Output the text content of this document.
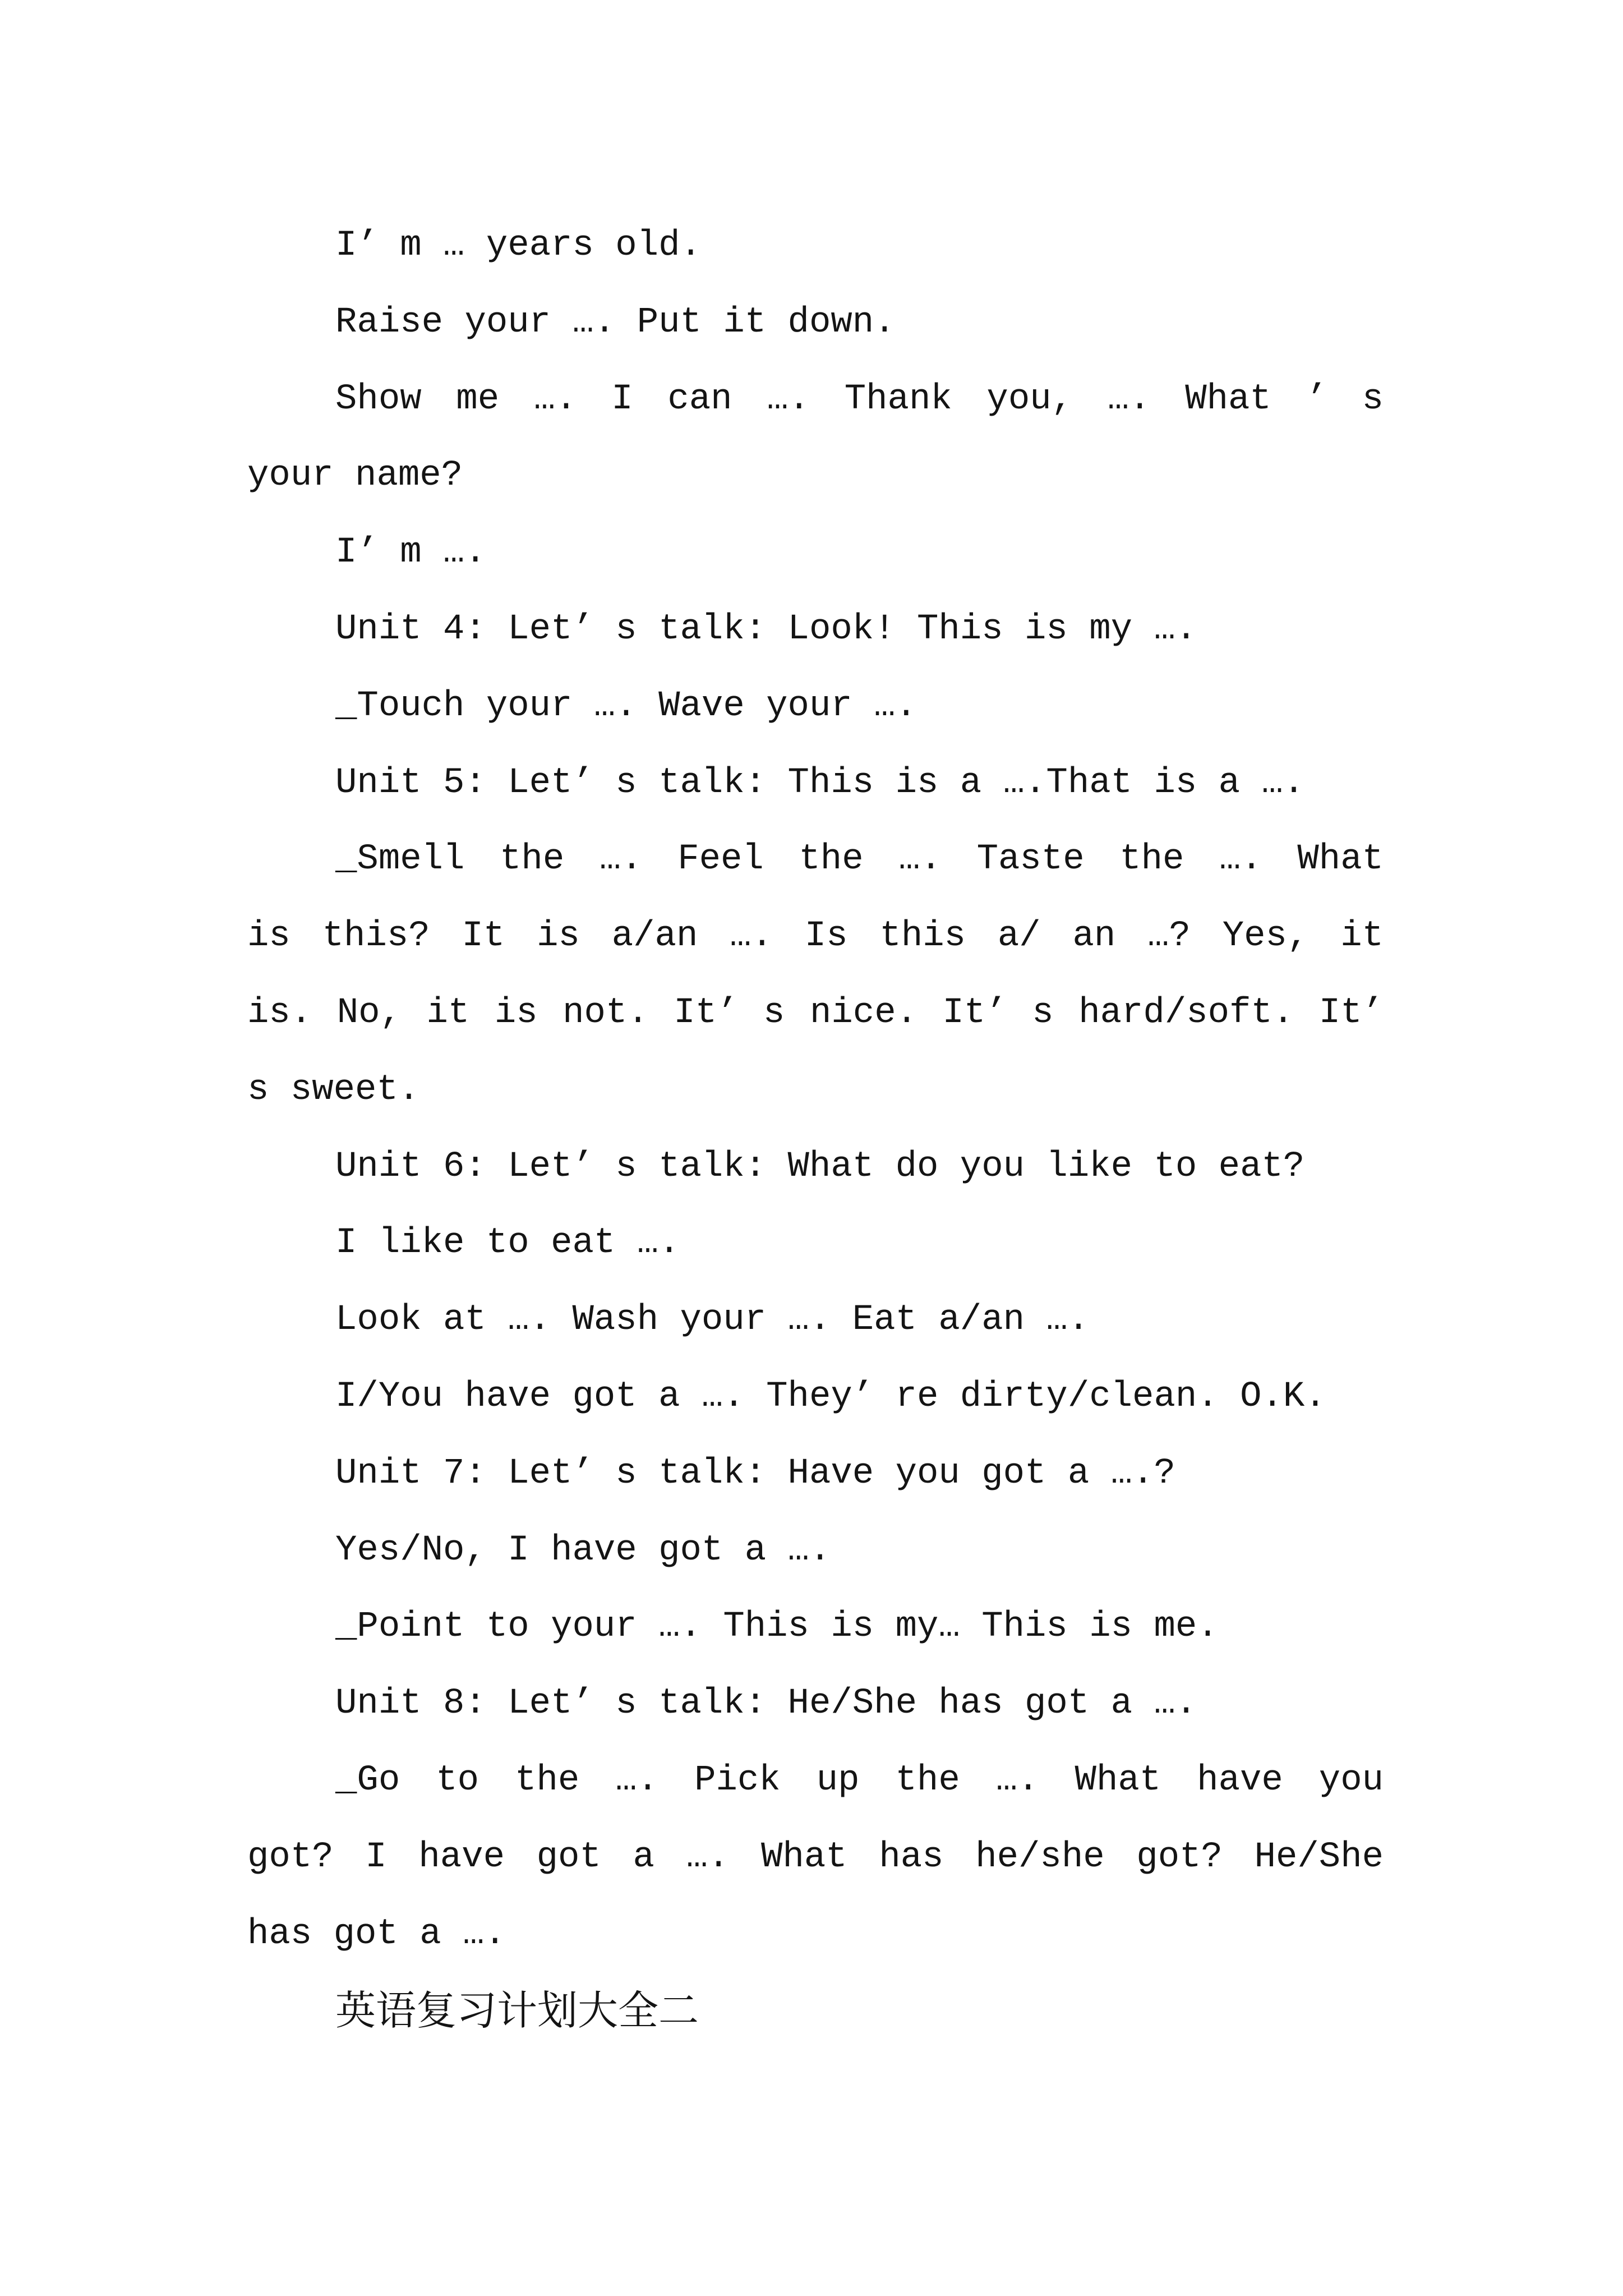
I’ m … years old.
Raise your …. Put it down.
Show me …. I can …. Thank you, …. What ’ s
your name?
I’ m ….
Unit 4: Let’ s talk: Look! This is my ….
_Touch your …. Wave your ….
Unit 5: Let’ s talk: This is a ….That is a ….
_Smell the …. Feel the …. Taste the …. What
is this? It is a/an …. Is this a/ an …? Yes, it
is. No, it is not. It’ s nice. It’ s hard/soft. It’
s sweet.
Unit 6: Let’ s talk: What do you like to eat?
I like to eat ….
Look at …. Wash your …. Eat a/an ….
I/You have got a …. They’ re dirty/clean. O.K.
Unit 7: Let’ s talk: Have you got a ….?
Yes/No, I have got a ….
_Point to your …. This is my… This is me.
Unit 8: Let’ s talk: He/She has got a ….
_Go to the …. Pick up the …. What have you
got? I have got a …. What has he/she got? He/She
has got a ….
英语复习计划大全二
